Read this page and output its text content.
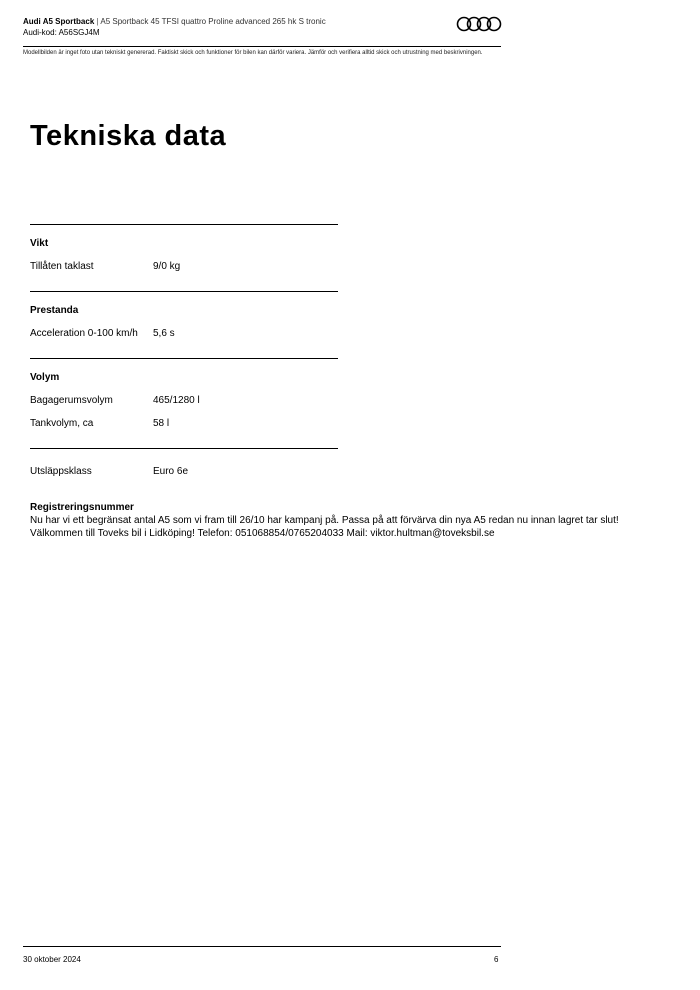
Audi A5 Sportback | A5 Sportback 45 TFSI quattro Proline advanced 265 hk S tronic
Audi-kod: A56SGJ4M
Modellbilden är inget foto utan tekniskt genererad. Faktiskt skick och funktioner för bilen kan därför variera. Jämför och verifiera alltid skick och utrustning med beskrivningen.
Tekniska data
Vikt
Tillåten taklast	9/0 kg
Prestanda
Acceleration 0-100 km/h	5,6 s
Volym
Bagagerumsvolym	465/1280 l
Tankvolym, ca	58 l
Utsläppsklass	Euro 6e
Registreringsnummer
Nu har vi ett begränsat antal A5 som vi fram till 26/10 har kampanj på. Passa på att förvärva din nya A5 redan nu innan lagret tar slut!
Välkommen till Toveks bil i Lidköping! Telefon: 051068854/0765204033 Mail: viktor.hultman@toveksbil.se
30 oktober 2024	6
